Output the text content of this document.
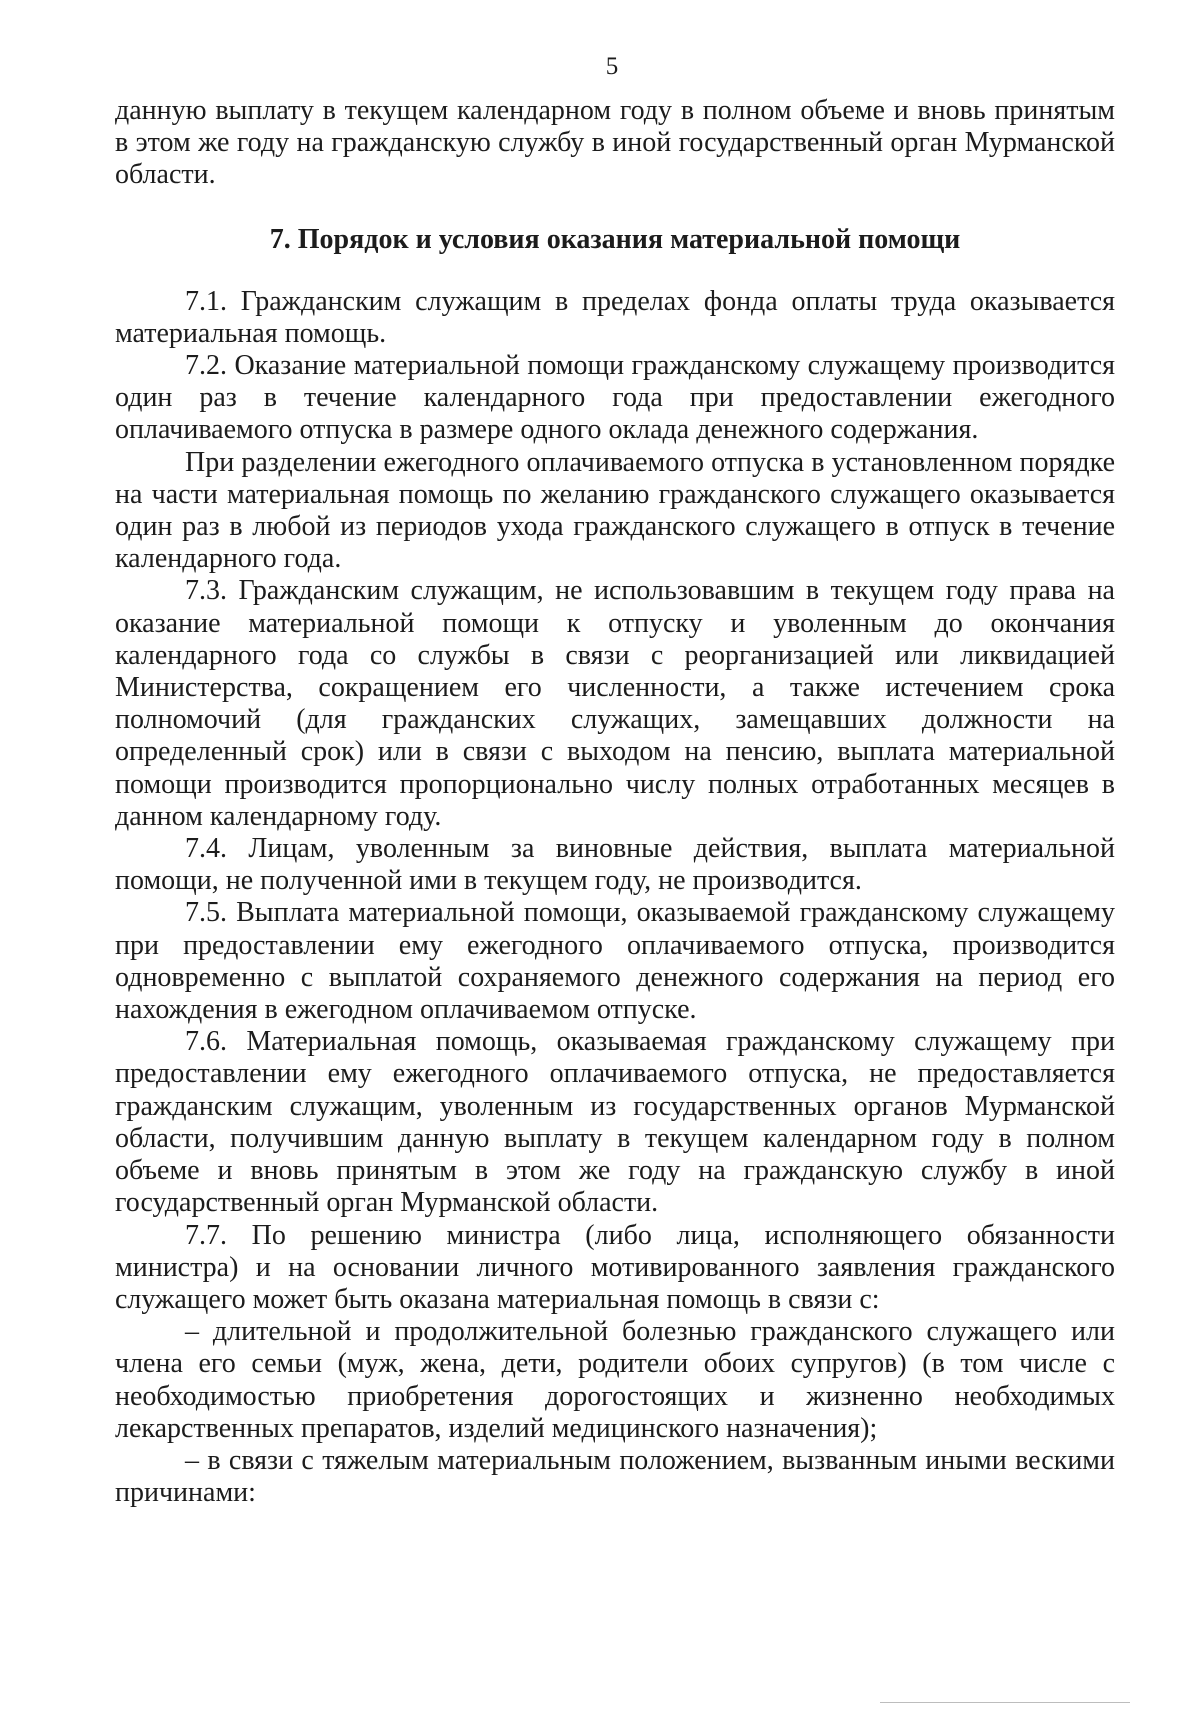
5

данную выплату в текущем календарном году в полном объеме и вновь принятым в этом же году на гражданскую службу в иной государственный орган Мурманской области.

7. Порядок и условия оказания материальной помощи

7.1. Гражданским служащим в пределах фонда оплаты труда оказывается материальная помощь.

7.2. Оказание материальной помощи гражданскому служащему производится один раз в течение календарного года при предоставлении ежегодного оплачиваемого отпуска в размере одного оклада денежного содержания.

При разделении ежегодного оплачиваемого отпуска в установленном порядке на части материальная помощь по желанию гражданского служащего оказывается один раз в любой из периодов ухода гражданского служащего в отпуск в течение календарного года.

7.3. Гражданским служащим, не использовавшим в текущем году права на оказание материальной помощи к отпуску и уволенным до окончания календарного года со службы в связи с реорганизацией или ликвидацией Министерства, сокращением его численности, а также истечением срока полномочий (для гражданских служащих, замещавших должности на определенный срок) или в связи с выходом на пенсию, выплата материальной помощи производится пропорционально числу полных отработанных месяцев в данном календарному году.

7.4. Лицам, уволенным за виновные действия, выплата материальной помощи, не полученной ими в текущем году, не производится.

7.5. Выплата материальной помощи, оказываемой гражданскому служащему при предоставлении ему ежегодного оплачиваемого отпуска, производится одновременно с выплатой сохраняемого денежного содержания на период его нахождения в ежегодном оплачиваемом отпуске.

7.6. Материальная помощь, оказываемая гражданскому служащему при предоставлении ему ежегодного оплачиваемого отпуска, не предоставляется гражданским служащим, уволенным из государственных органов Мурманской области, получившим данную выплату в текущем календарном году в полном объеме и вновь принятым в этом же году на гражданскую службу в иной государственный орган Мурманской области.

7.7. По решению министра (либо лица, исполняющего обязанности министра) и на основании личного мотивированного заявления гражданского служащего может быть оказана материальная помощь в связи с:

– длительной и продолжительной болезнью гражданского служащего или члена его семьи (муж, жена, дети, родители обоих супругов) (в том числе с необходимостью приобретения дорогостоящих и жизненно необходимых лекарственных препаратов, изделий медицинского назначения);

– в связи с тяжелым материальным положением, вызванным иными вескими причинами:
